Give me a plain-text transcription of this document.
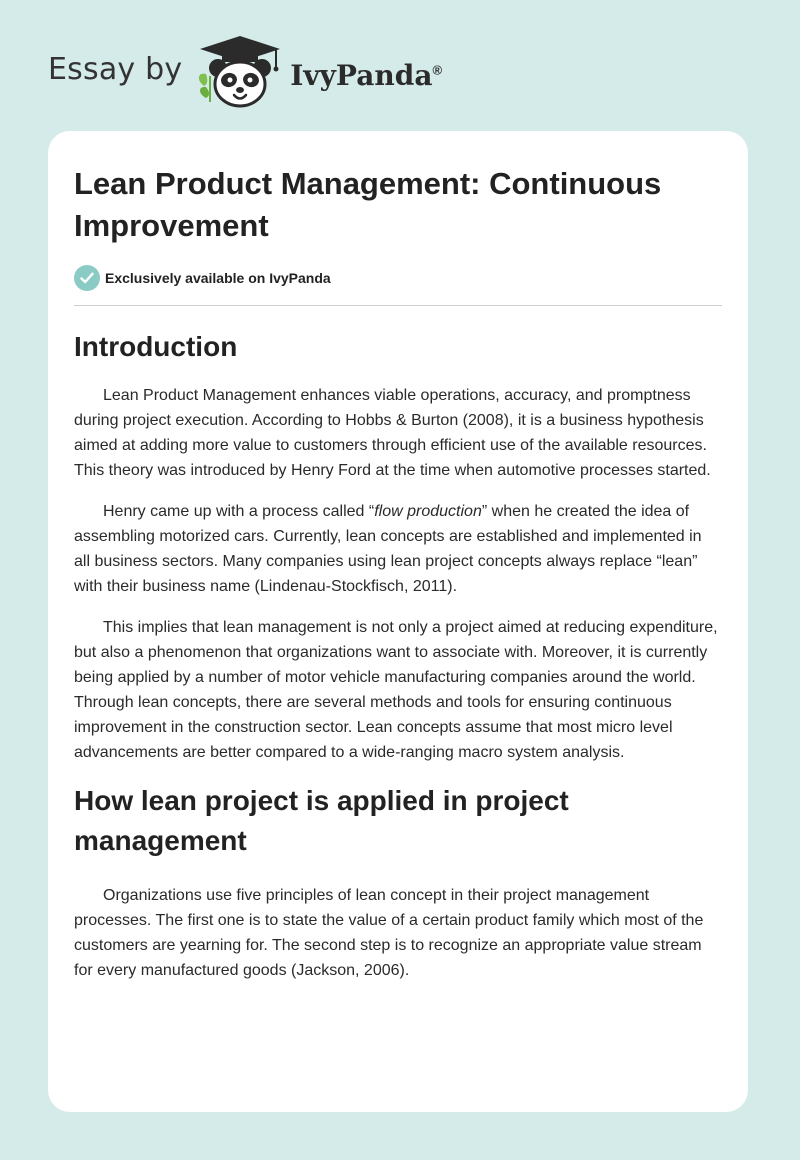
Essay by	IvyPanda®
Lean Product Management: Continuous Improvement
Exclusively available on IvyPanda
Introduction

Lean Product Management enhances viable operations, accuracy, and promptness during project execution. According to Hobbs & Burton (2008), it is a business hypothesis aimed at adding more value to customers through efficient use of the available resources. This theory was introduced by Henry Ford at the time when automotive processes started.

Henry came up with a process called “flow production” when he created the idea of assembling motorized cars. Currently, lean concepts are established and implemented in all business sectors. Many companies using lean project concepts always replace “lean” with their business name (Lindenau-Stockfisch, 2011).

This implies that lean management is not only a project aimed at reducing expenditure, but also a phenomenon that organizations want to associate with. Moreover, it is currently being applied by a number of motor vehicle manufacturing companies around the world. Through lean concepts, there are several methods and tools for ensuring continuous improvement in the construction sector. Lean concepts assume that most micro level advancements are better compared to a wide-ranging macro system analysis.

How lean project is applied in project management

Organizations use five principles of lean concept in their project management processes. The first one is to state the value of a certain product family which most of the customers are yearning for. The second step is to recognize an appropriate value stream for every manufactured goods (Jackson, 2006).
